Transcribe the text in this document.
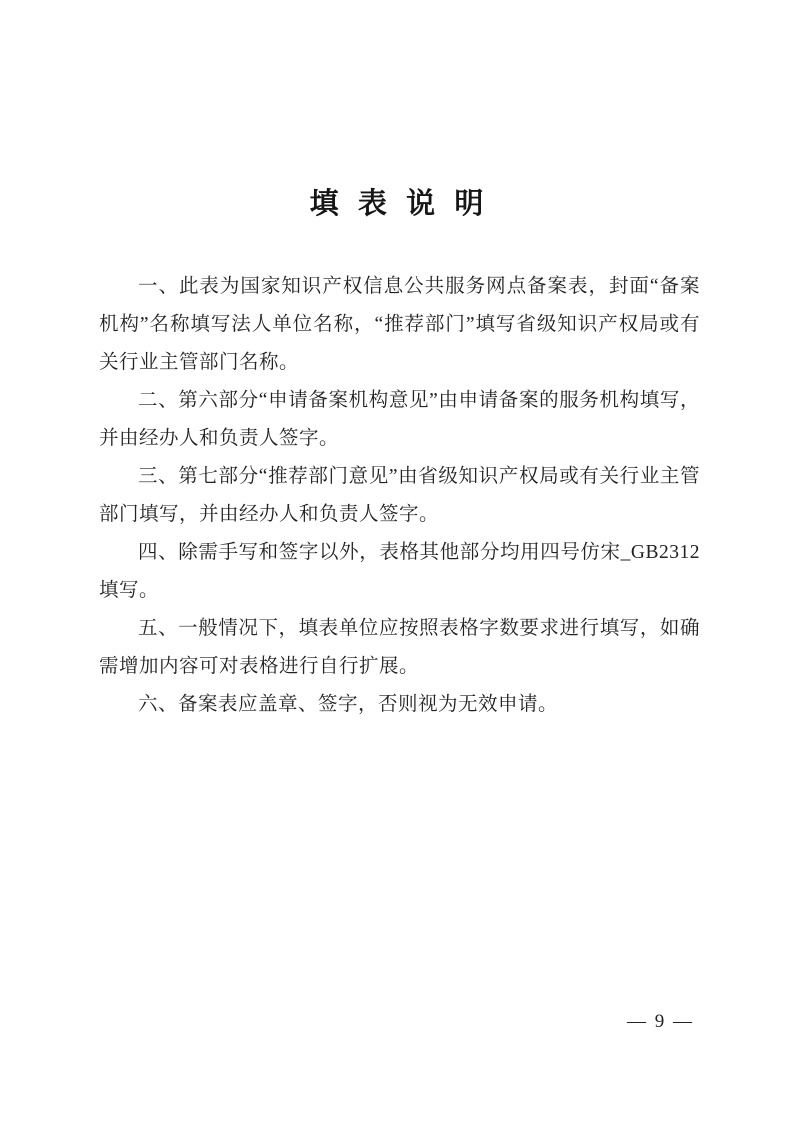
填 表 说 明

一、此表为国家知识产权信息公共服务网点备案表，封面“备案机构”名称填写法人单位名称，“推荐部门”填写省级知识产权局或有关行业主管部门名称。

二、第六部分“申请备案机构意见”由申请备案的服务机构填写，并由经办人和负责人签字。

三、第七部分“推荐部门意见”由省级知识产权局或有关行业主管部门填写，并由经办人和负责人签字。

四、除需手写和签字以外，表格其他部分均用四号仿宋_GB2312 填写。

五、一般情况下，填表单位应按照表格字数要求进行填写，如确需增加内容可对表格进行自行扩展。

六、备案表应盖章、签字，否则视为无效申请。

— 9 —
